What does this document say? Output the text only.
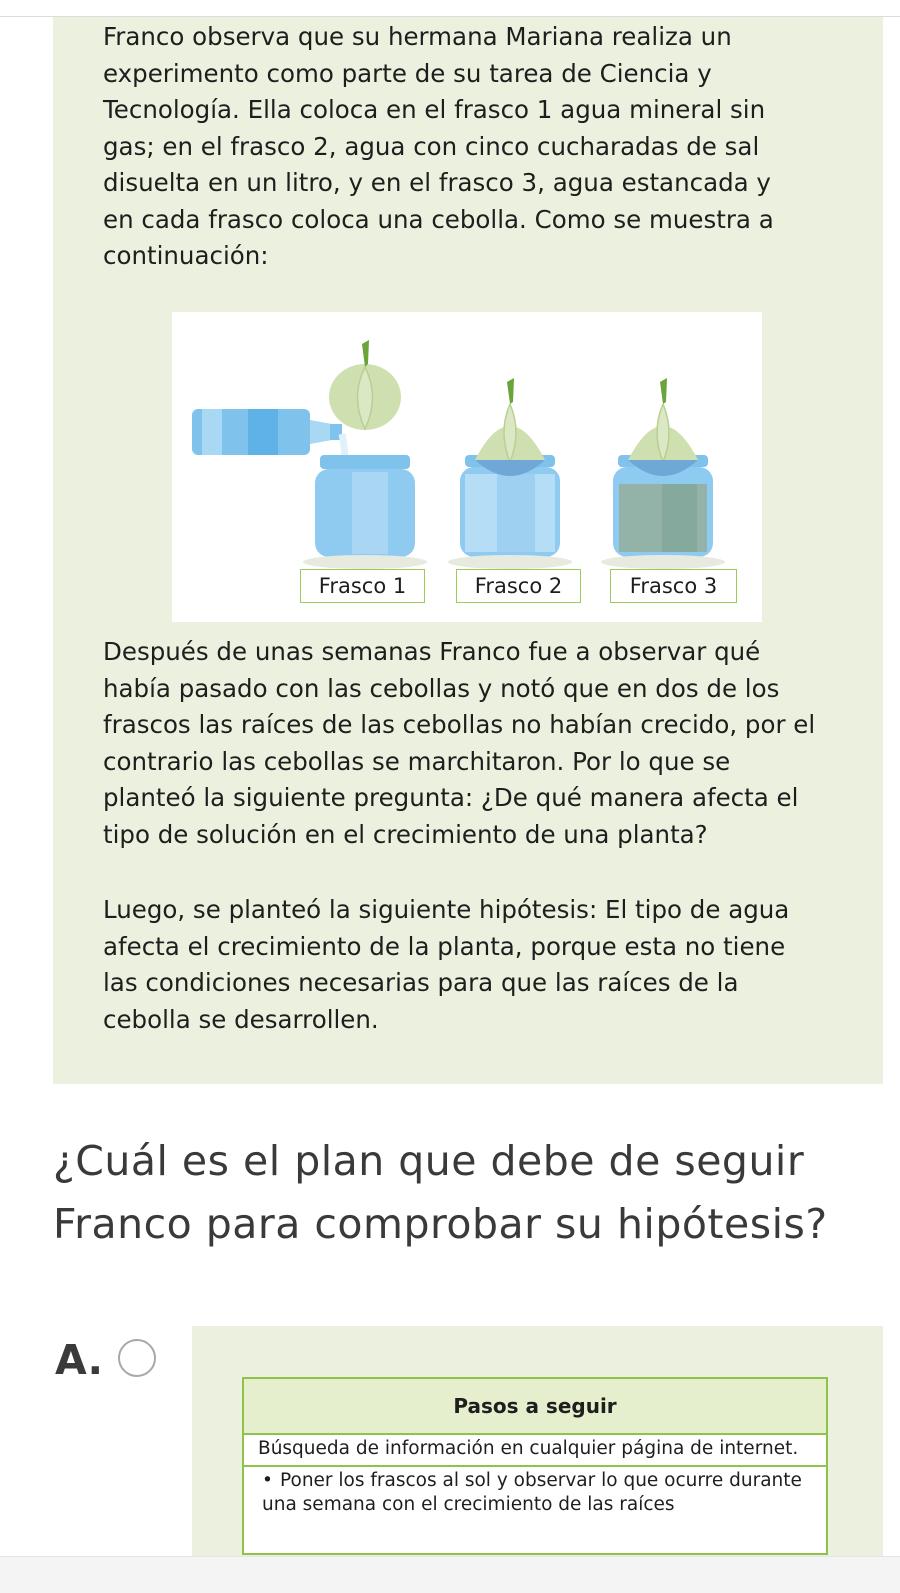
Franco observa que su hermana Mariana realiza un experimento como parte de su tarea de Ciencia y Tecnología. Ella coloca en el frasco 1 agua mineral sin gas; en el frasco 2, agua con cinco cucharadas de sal disuelta en un litro, y en el frasco 3, agua estancada y en cada frasco coloca una cebolla. Como se muestra a continuación:

Frasco 1	Frasco 2	Frasco 3

Después de unas semanas Franco fue a observar qué había pasado con las cebollas y notó que en dos de los frascos las raíces de las cebollas no habían crecido, por el contrario las cebollas se marchitaron. Por lo que se planteó la siguiente pregunta: ¿De qué manera afecta el tipo de solución en el crecimiento de una planta?

Luego, se planteó la siguiente hipótesis: El tipo de agua afecta el crecimiento de la planta, porque esta no tiene las condiciones necesarias para que las raíces de la cebolla se desarrollen.

¿Cuál es el plan que debe de seguir Franco para comprobar su hipótesis?

A.
Pasos a seguir
Búsqueda de información en cualquier página de internet.
• Poner los frascos al sol y observar lo que ocurre durante una semana con el crecimiento de las raíces
